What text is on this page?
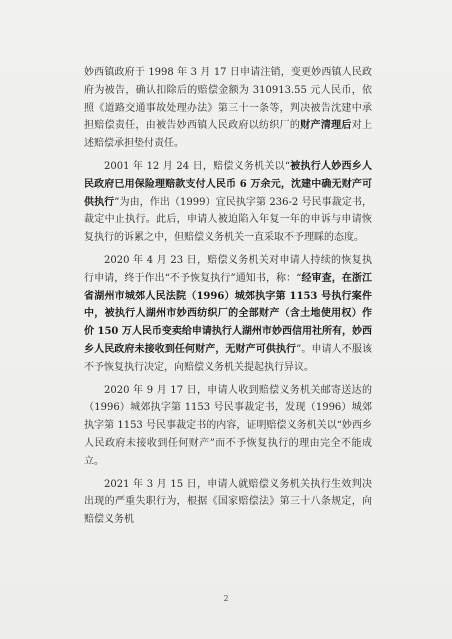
妙西镇政府于 1998 年 3 月 17 日申请注销，变更妙西镇人民政府为被告，确认扣除后的赔偿金额为 310913.55 元人民币，依照《道路交通事故处理办法》第三十一条等，判决被告沈建中承担赔偿责任，由被告妙西镇人民政府以纺织厂的财产清理后对上述赔偿承担垫付责任。

2001 年 12 月 24 日，赔偿义务机关以“被执行人妙西乡人民政府已用保险理赔款支付人民币 6 万余元，沈建中确无财产可供执行”为由，作出（1999）宜民执字第 236-2 号民事裁定书，裁定中止执行。此后，申请人被迫陷入年复一年的申诉与申请恢复执行的诉累之中，但赔偿义务机关一直采取不予理睬的态度。

2020 年 4 月 23 日，赔偿义务机关对申请人持续的恢复执行申请，终于作出“不予恢复执行”通知书，称：“经审查，在浙江省湖州市城郊人民法院（1996）城郊执字第 1153 号执行案件中，被执行人湖州市妙西纺织厂的全部财产（含土地使用权）作价 150 万人民币变卖给申请执行人湖州市妙西信用社所有，妙西乡人民政府未接收到任何财产，无财产可供执行”。申请人不服该不予恢复执行决定，向赔偿义务机关提起执行异议。

2020 年 9 月 17 日，申请人收到赔偿义务机关邮寄送达的（1996）城郊执字第 1153 号民事裁定书，发现（1996）城郊执字第 1153 号民事裁定书的内容，证明赔偿义务机关以“妙西乡人民政府未接收到任何财产”而不予恢复执行的理由完全不能成立。

2021 年 3 月 15 日，申请人就赔偿义务机关执行生效判决出现的严重失职行为，根据《国家赔偿法》第三十八条规定，向赔偿义务机

2
